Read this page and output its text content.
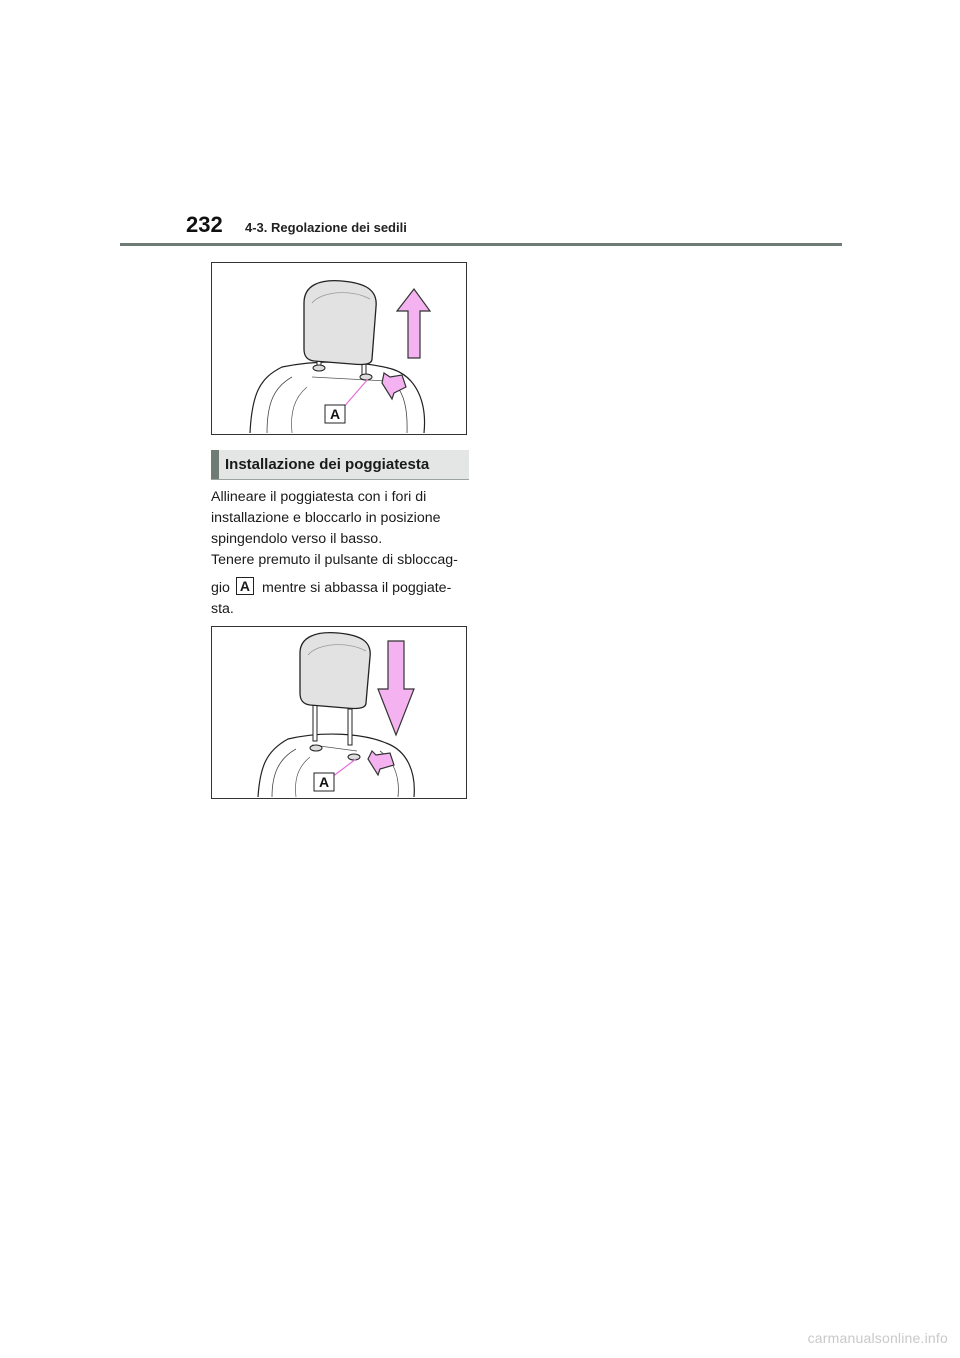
232 4-3. Regolazione dei sedili
A
Installazione dei poggiatesta

Allineare il poggiatesta con i fori di

installazione e bloccarlo in posizione

spingendolo verso il basso.

Tenere premuto il pulsante di sbloccag-

gio A mentre si abbassa il poggiate-

sta.

A
carmanualsonline.info
